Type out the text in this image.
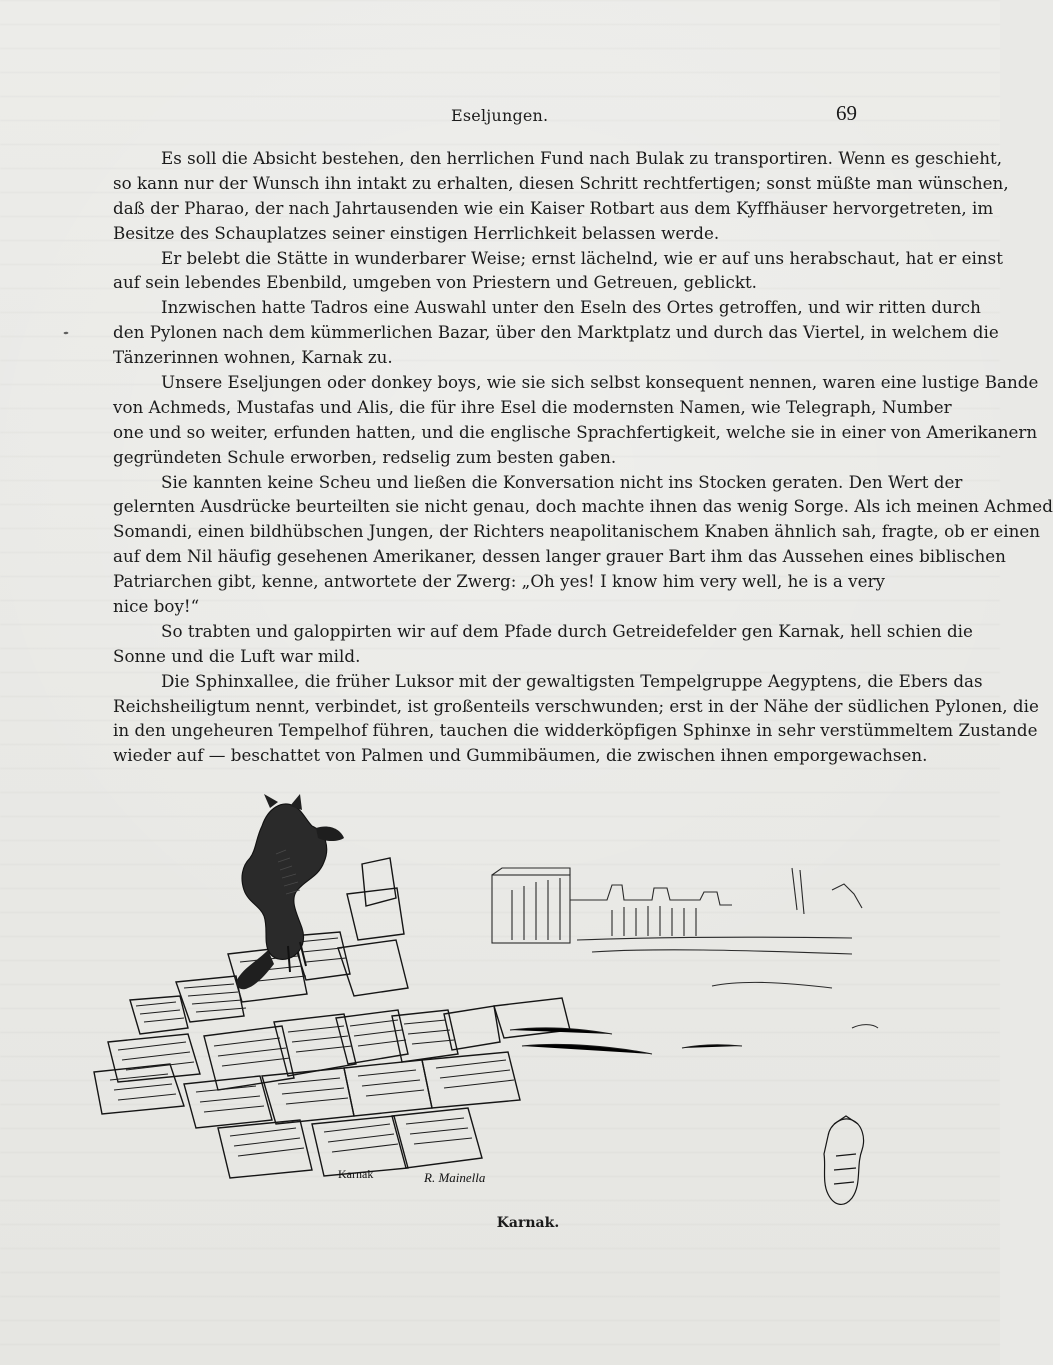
Eseljungen.	69
Es soll die Absicht bestehen, den herrlichen Fund nach Bulak zu transportiren. Wenn es geschieht,
so kann nur der Wunsch ihn intakt zu erhalten, diesen Schritt rechtfertigen; sonst müßte man wünschen,
daß der Pharao, der nach Jahrtausenden wie ein Kaiser Rotbart aus dem Kyffhäuser hervorgetreten, im
Besitze des Schauplatzes seiner einstigen Herrlichkeit belassen werde.
Er belebt die Stätte in wunderbarer Weise; ernst lächelnd, wie er auf uns herabschaut, hat er einst
auf sein lebendes Ebenbild, umgeben von Priestern und Getreuen, geblickt.
Inzwischen hatte Tadros eine Auswahl unter den Eseln des Ortes getroffen, und wir ritten durch
den Pylonen nach dem kümmerlichen Bazar, über den Marktplatz und durch das Viertel, in welchem die
Tänzerinnen wohnen, Karnak zu.
Unsere Eseljungen oder donkey boys, wie sie sich selbst konsequent nennen, waren eine lustige Bande
von Achmeds, Mustafas und Alis, die für ihre Esel die modernsten Namen, wie Telegraph, Number
one und so weiter, erfunden hatten, und die englische Sprachfertigkeit, welche sie in einer von Amerikanern
gegründeten Schule erworben, redselig zum besten gaben.
Sie kannten keine Scheu und ließen die Konversation nicht ins Stocken geraten. Den Wert der
gelernten Ausdrücke beurteilten sie nicht genau, doch machte ihnen das wenig Sorge. Als ich meinen Achmed
Somandi, einen bildhübschen Jungen, der Richters neapolitanischem Knaben ähnlich sah, fragte, ob er einen
auf dem Nil häufig gesehenen Amerikaner, dessen langer grauer Bart ihm das Aussehen eines biblischen
Patriarchen gibt, kenne, antwortete der Zwerg: „Oh yes! I know him very well, he is a very
nice boy!“
So trabten und galoppirten wir auf dem Pfade durch Getreidefelder gen Karnak, hell schien die
Sonne und die Luft war mild.
Die Sphinxallee, die früher Luksor mit der gewaltigsten Tempelgruppe Aegyptens, die Ebers das
Reichsheiligtum nennt, verbindet, ist großenteils verschwunden; erst in der Nähe der südlichen Pylonen, die
in den ungeheuren Tempelhof führen, tauchen die widderköpfigen Sphinxe in sehr verstümmeltem Zustande
wieder auf — beschattet von Palmen und Gummibäumen, die zwischen ihnen emporgewachsen.
Karnak	R. Mainella
Karnak.
